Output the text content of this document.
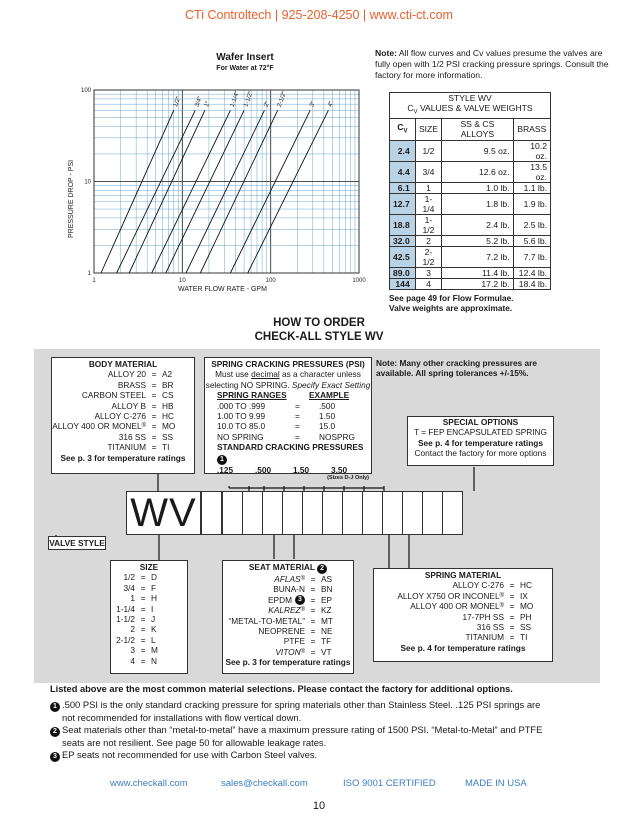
CTi Controltech | 925-208-4250 | www.cti-ct.com
Wafer Insert
For Water at 72°F
1	10	100	1000
100
10
1
1/2" 3/4" 1"	1-1/4" 1-1/2" 2" 2-1/2"	3" 4"
PRESSURE DROP - PSI
WATER FLOW RATE - GPM
Note: All flow curves and Cv values presume the valves are fully open with 1/2 PSI cracking pressure springs. Consult the factory for more information.
STYLE WV			
$C_V$ VALUES & VALVE WEIGHTS			
$C_V$	SIZE	SS & CS ALLOYS	BRASS
2.4	1/2	9.5 oz.	10.2 oz.
4.4	3/4	12.6 oz.	13.5 oz.
6.1	1	1.0 lb.	1.1 lb.
12.7	1-1/4	1.8 lb.	1.9 lb.
18.8	1-1/2	2.4 lb.	2.5 lb.
32.0	2	5.2 lb.	5.6 lb.
42.5	2-1/2	7.2 lb.	7.7 lb.
89.0	3	11.4 lb.	12.4 lb.
144	4	17.2 lb.	18.4 lb.
See page 49 for Flow Formulae.
Valve weights are approximate.
HOW TO ORDER
CHECK-ALL STYLE WV
WV
VALVE STYLE
BODY MATERIAL
ALLOY 20 = A2
BRASS = BR
CARBON STEEL = CS
ALLOY B = HB
ALLOY C-276 = HC
ALLOY 400 OR MONEL ® = MO
316 SS = SS
TITANIUM = TI
See p. 3 for temperature ratings
SPRING CRACKING PRESSURES (PSI)
Must use decimal as a character unless
selecting NO SPRING. Specify Exact Setting
SPRING RANGES	EXAMPLE
.000 TO .999	=	.500
1.00 TO 9.99	=	1.50
10.0 TO 85.0	=	15.0
NO SPRING	=	NOSPRG
STANDARD CRACKING PRESSURES 1
.125	.500	1.50	3.50
(Sizes D-J Only)
Note: Many other cracking pressures are available. All spring tolerances +/-15%.
SPECIAL OPTIONS
T = FEP ENCAPSULATED SPRING
See p. 4 for temperature ratings
Contact the factory for more options
SIZE
1/2 = D
3/4 = F
1 = H
1-1/4 = I
1-1/2 = J
2 = K
2-1/2 = L
3 = M
4 = N
SEAT MATERIAL 2
AFLAS ® = AS
BUNA-N = BN
EPDM 3	= EP
KALREZ ® = KZ
“METAL-TO-METAL” = MT
NEOPRENE = NE
PTFE = TF
VITON ® = VT
See p. 3 for temperature ratings
SPRING MATERIAL
ALLOY C-276 = HC
ALLOY X750 OR INCONEL ® = IX
ALLOY 400 OR MONEL ® = MO
17-7PH SS = PH
316 SS = SS
TITANIUM = TI
See p. 4 for temperature ratings
Listed above are the most common material selections. Please contact the factory for additional options.
1 .500 PSI is the only standard cracking pressure for spring materials other than Stainless Steel. .125 PSI springs are
not recommended for installations with flow vertical down.
2 Seat materials other than “metal-to-metal” have a maximum pressure rating of 1500 PSI. “Metal-to-Metal” and PTFE
seats are not resilient. See page 50 for allowable leakage rates.
3 EP seats not recommended for use with Carbon Steel valves.
www.checkall.com	sales@checkall.com	ISO 9001 CERTIFIED	MADE IN USA
10
